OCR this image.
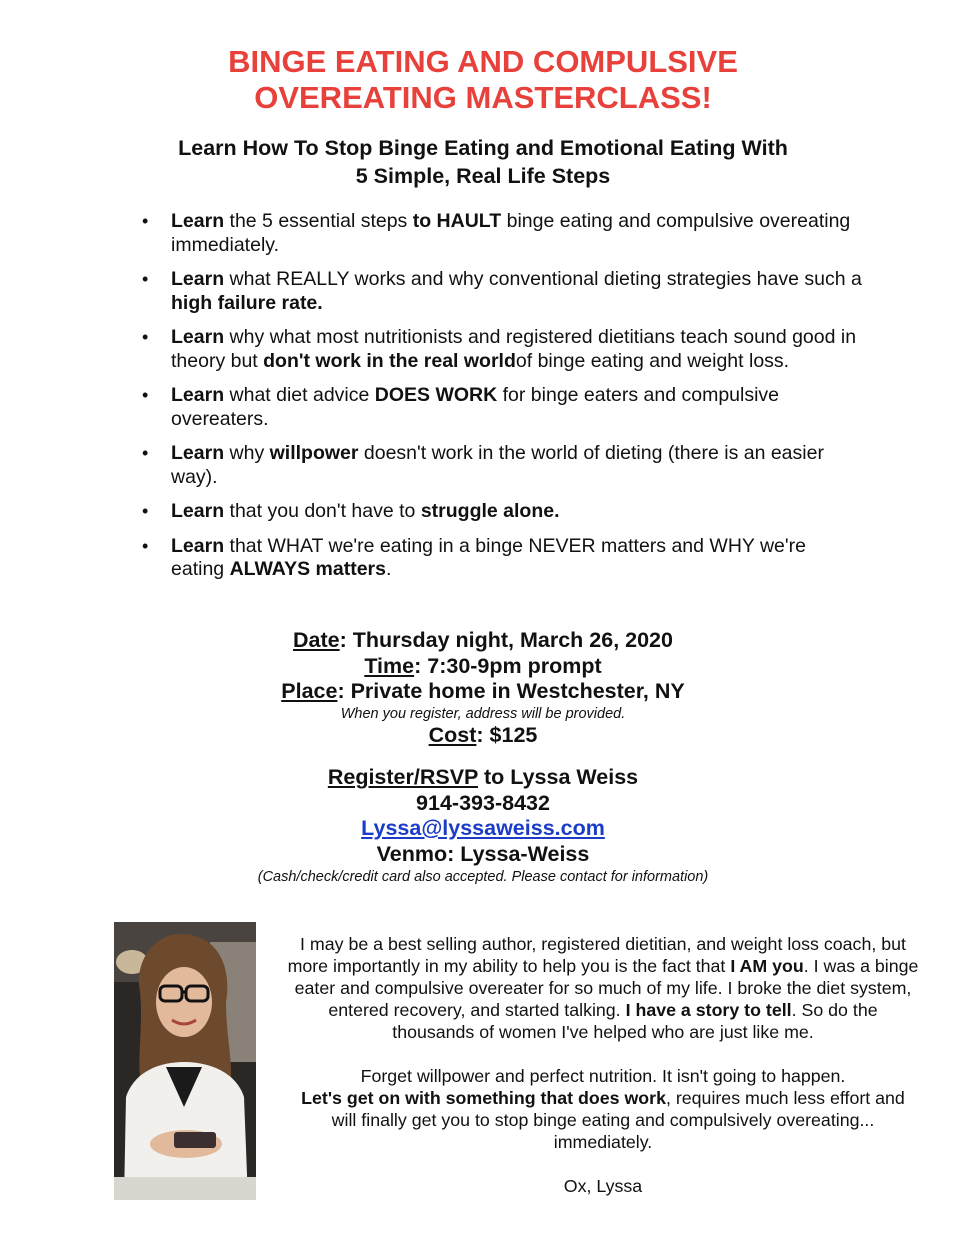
BINGE EATING AND COMPULSIVE
OVEREATING MASTERCLASS!
Learn How To Stop Binge Eating and Emotional Eating With
5 Simple, Real Life Steps
• Learn the 5 essential steps to HAULT binge eating and compulsive overeating immediately.
• Learn what REALLY works and why conventional dieting strategies have such a high failure rate.
• Learn why what most nutritionists and registered dietitians teach sound good in theory but don't work in the real worldof binge eating and weight loss.
• Learn what diet advice DOES WORK for binge eaters and compulsive overeaters.
• Learn why willpower doesn't work in the world of dieting (there is an easier way).
• Learn that you don't have to struggle alone.
• Learn that WHAT we're eating in a binge NEVER matters and WHY we're eating ALWAYS matters.
Date: Thursday night, March 26, 2020
Time: 7:30-9pm prompt
Place: Private home in Westchester, NY
When you register, address will be provided.
Cost: $125
Register/RSVP to Lyssa Weiss
914-393-8432
Lyssa@lyssaweiss.com
Venmo: Lyssa-Weiss
(Cash/check/credit card also accepted. Please contact for information)

I may be a best selling author, registered dietitian, and weight loss coach, but more importantly in my ability to help you is the fact that I AM you. I was a binge eater and compulsive overeater for so much of my life. I broke the diet system, entered recovery, and started talking. I have a story to tell. So do the thousands of women I've helped who are just like me.

Forget willpower and perfect nutrition. It isn't going to happen.
Let's get on with something that does work, requires much less effort and will finally get you to stop binge eating and compulsively overeating... immediately.

Ox, Lyssa
